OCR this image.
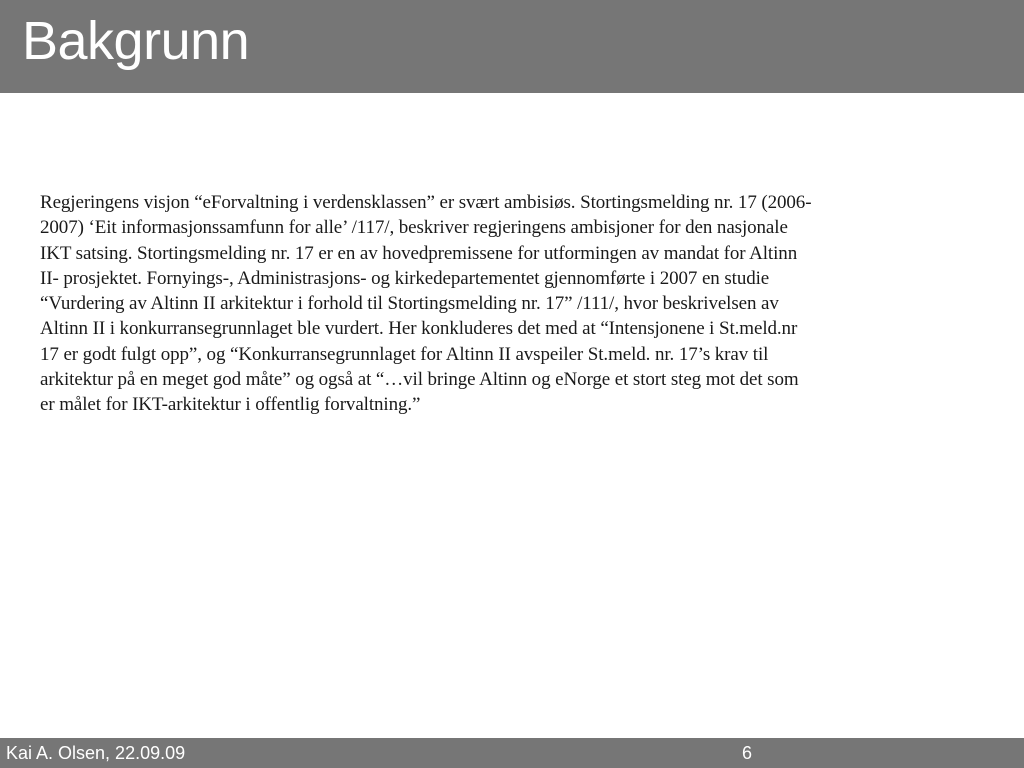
Bakgrunn
Regjeringens visjon “eForvaltning i verdensklassen” er svært ambisiøs. Stortingsmelding nr. 17 (2006-
2007) ‘Eit informasjonssamfunn for alle’ /117/, beskriver regjeringens ambisjoner for den nasjonale
IKT satsing. Stortingsmelding nr. 17 er en av hovedpremissene for utformingen av mandat for Altinn
II- prosjektet. Fornyings-, Administrasjons- og kirkedepartementet gjennomførte i 2007 en studie
“Vurdering av Altinn II arkitektur i forhold til Stortingsmelding nr. 17” /111/, hvor beskrivelsen av
Altinn II i konkurransegrunnlaget ble vurdert. Her konkluderes det med at “Intensjonene i St.meld.nr
17 er godt fulgt opp”, og “Konkurransegrunnlaget for Altinn II avspeiler St.meld. nr. 17’s krav til
arkitektur på en meget god måte” og også at “…vil bringe Altinn og eNorge et stort steg mot det som
er målet for IKT-arkitektur i offentlig forvaltning.”
Kai A. Olsen, 22.09.09	6
